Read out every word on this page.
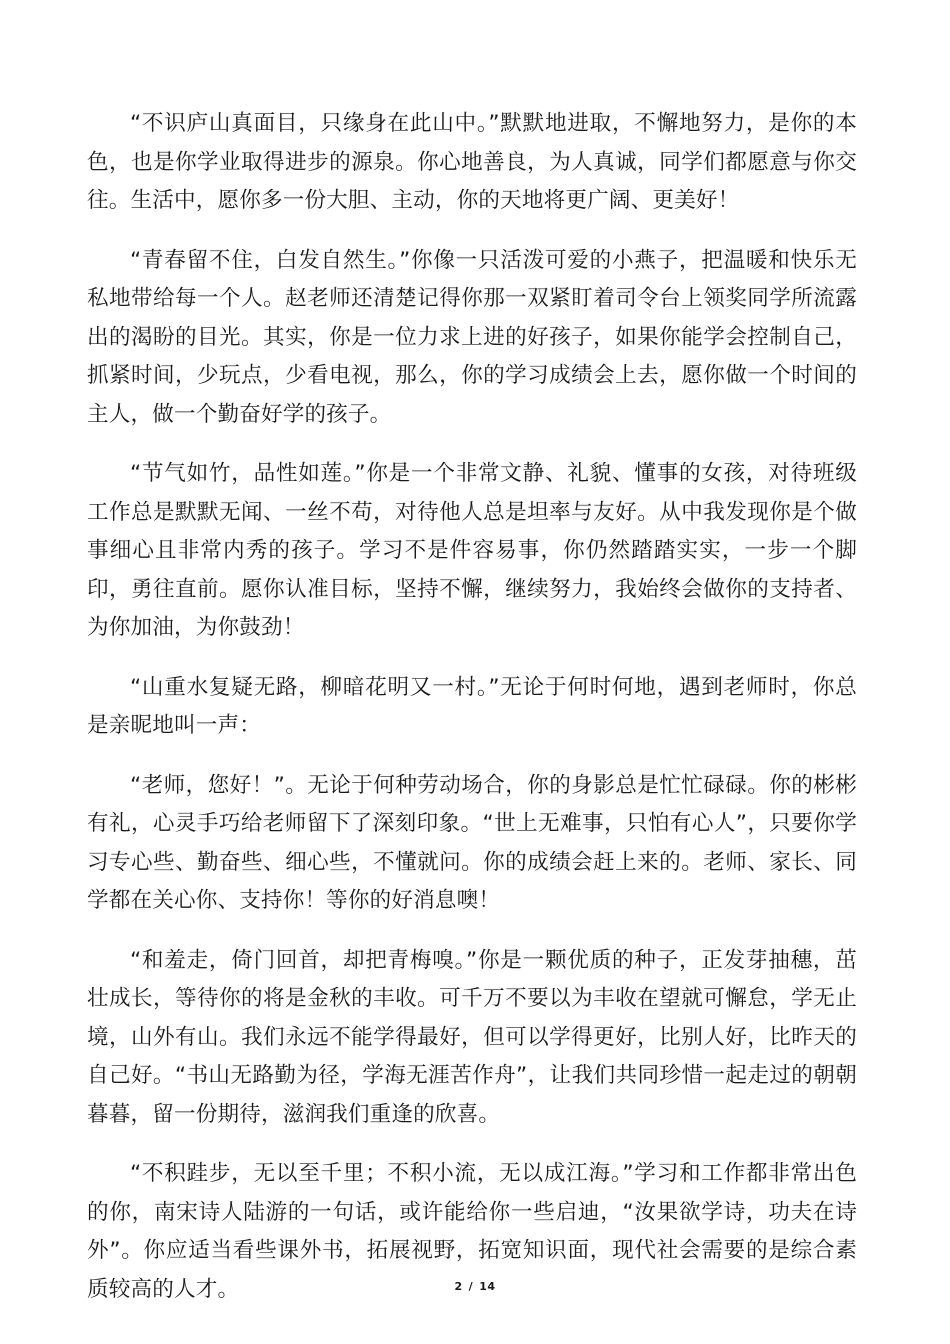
“不识庐山真面目，只缘身在此山中。”默默地进取，不懈地努力，是你的本色，也是你学业取得进步的源泉。你心地善良，为人真诚，同学们都愿意与你交往。生活中，愿你多一份大胆、主动，你的天地将更广阔、更美好！

“青春留不住，白发自然生。”你像一只活泼可爱的小燕子，把温暖和快乐无私地带给每一个人。赵老师还清楚记得你那一双紧盯着司令台上领奖同学所流露出的渴盼的目光。其实，你是一位力求上进的好孩子，如果你能学会控制自己，抓紧时间，少玩点，少看电视，那么，你的学习成绩会上去，愿你做一个时间的主人，做一个勤奋好学的孩子。

“节气如竹，品性如莲。”你是一个非常文静、礼貌、懂事的女孩，对待班级工作总是默默无闻、一丝不苟，对待他人总是坦率与友好。从中我发现你是个做事细心且非常内秀的孩子。学习不是件容易事，你仍然踏踏实实，一步一个脚印，勇往直前。愿你认准目标，坚持不懈，继续努力，我始终会做你的支持者、为你加油，为你鼓劲！

“山重水复疑无路，柳暗花明又一村。”无论于何时何地，遇到老师时，你总是亲昵地叫一声：

“老师，您好！”。无论于何种劳动场合，你的身影总是忙忙碌碌。你的彬彬有礼，心灵手巧给老师留下了深刻印象。“世上无难事，只怕有心人”，只要你学习专心些、勤奋些、细心些，不懂就问。你的成绩会赶上来的。老师、家长、同学都在关心你、支持你！等你的好消息噢！

“和羞走，倚门回首，却把青梅嗅。”你是一颗优质的种子，正发芽抽穗，茁壮成长，等待你的将是金秋的丰收。可千万不要以为丰收在望就可懈怠，学无止境，山外有山。我们永远不能学得最好，但可以学得更好，比别人好，比昨天的自己好。“书山无路勤为径，学海无涯苦作舟”，让我们共同珍惜一起走过的朝朝暮暮，留一份期待，滋润我们重逢的欣喜。

“不积跬步，无以至千里；不积小流，无以成江海。”学习和工作都非常出色的你，南宋诗人陆游的一句话，或许能给你一些启迪，“汝果欲学诗，功夫在诗外”。你应适当看些课外书，拓展视野，拓宽知识面，现代社会需要的是综合素质较高的人才。	2 / 14
